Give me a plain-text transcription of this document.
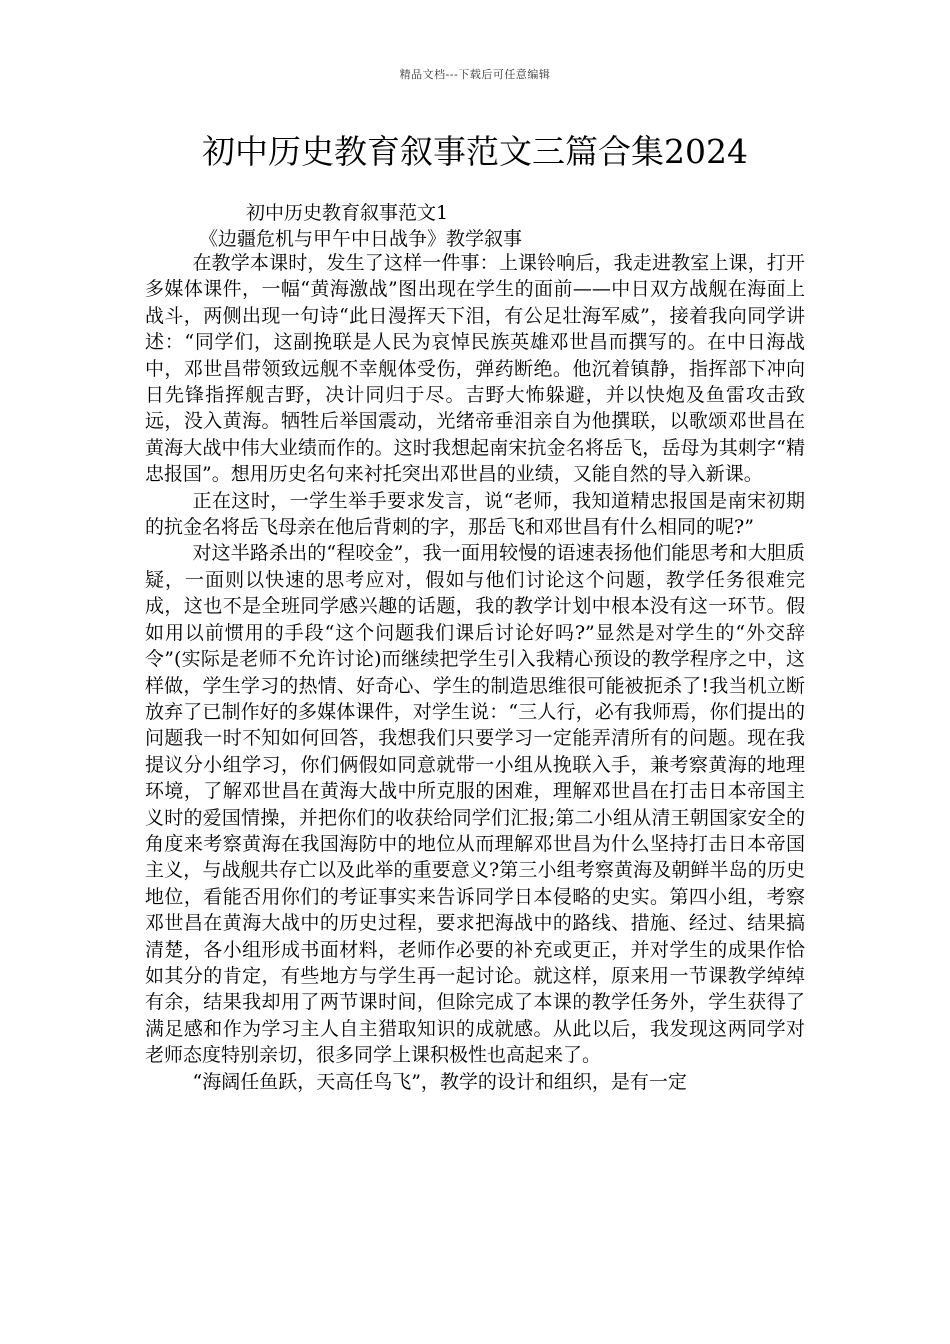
精品文档---下载后可任意编辑
初中历史教育叙事范文三篇合集2024

初中历史教育叙事范文1

《边疆危机与甲午中日战争》教学叙事

在教学本课时，发生了这样一件事：上课铃响后，我走进教室上课，打开多媒体课件，一幅“黄海激战”图出现在学生的面前——中日双方战舰在海面上战斗，两侧出现一句诗“此日漫挥天下泪，有公足壮海军威”，接着我向同学讲述：“同学们，这副挽联是人民为哀悼民族英雄邓世昌而撰写的。在中日海战中，邓世昌带领致远舰不幸舰体受伤，弹药断绝。他沉着镇静，指挥部下冲向日先锋指挥舰吉野，决计同归于尽。吉野大怖躲避，并以快炮及鱼雷攻击致远，没入黄海。牺牲后举国震动，光绪帝垂泪亲自为他撰联，以歌颂邓世昌在黄海大战中伟大业绩而作的。这时我想起南宋抗金名将岳飞，岳母为其刺字“精忠报国”。想用历史名句来衬托突出邓世昌的业绩，又能自然的导入新课。

正在这时，一学生举手要求发言，说“老师，我知道精忠报国是南宋初期的抗金名将岳飞母亲在他后背刺的字，那岳飞和邓世昌有什么相同的呢?”

对这半路杀出的“程咬金”，我一面用较慢的语速表扬他们能思考和大胆质疑，一面则以快速的思考应对，假如与他们讨论这个问题，教学任务很难完成，这也不是全班同学感兴趣的话题，我的教学计划中根本没有这一环节。假如用以前惯用的手段“这个问题我们课后讨论好吗?”显然是对学生的“外交辞令”(实际是老师不允许讨论)而继续把学生引入我精心预设的教学程序之中，这样做，学生学习的热情、好奇心、学生的制造思维很可能被扼杀了!我当机立断放弃了已制作好的多媒体课件，对学生说：“三人行，必有我师焉，你们提出的问题我一时不知如何回答，我想我们只要学习一定能弄清所有的问题。现在我提议分小组学习，你们俩假如同意就带一小组从挽联入手，兼考察黄海的地理环境，了解邓世昌在黄海大战中所克服的困难，理解邓世昌在打击日本帝国主义时的爱国情操，并把你们的收获给同学们汇报;第二小组从清王朝国家安全的角度来考察黄海在我国海防中的地位从而理解邓世昌为什么坚持打击日本帝国主义，与战舰共存亡以及此举的重要意义?第三小组考察黄海及朝鲜半岛的历史地位，看能否用你们的考证事实来告诉同学日本侵略的史实。第四小组，考察邓世昌在黄海大战中的历史过程，要求把海战中的路线、措施、经过、结果搞清楚，各小组形成书面材料，老师作必要的补充或更正，并对学生的成果作恰如其分的肯定，有些地方与学生再一起讨论。就这样，原来用一节课教学绰绰有余，结果我却用了两节课时间，但除完成了本课的教学任务外，学生获得了满足感和作为学习主人自主猎取知识的成就感。从此以后，我发现这两同学对老师态度特别亲切，很多同学上课积极性也高起来了。

“海阔任鱼跃，天高任鸟飞”，教学的设计和组织，是有一定
